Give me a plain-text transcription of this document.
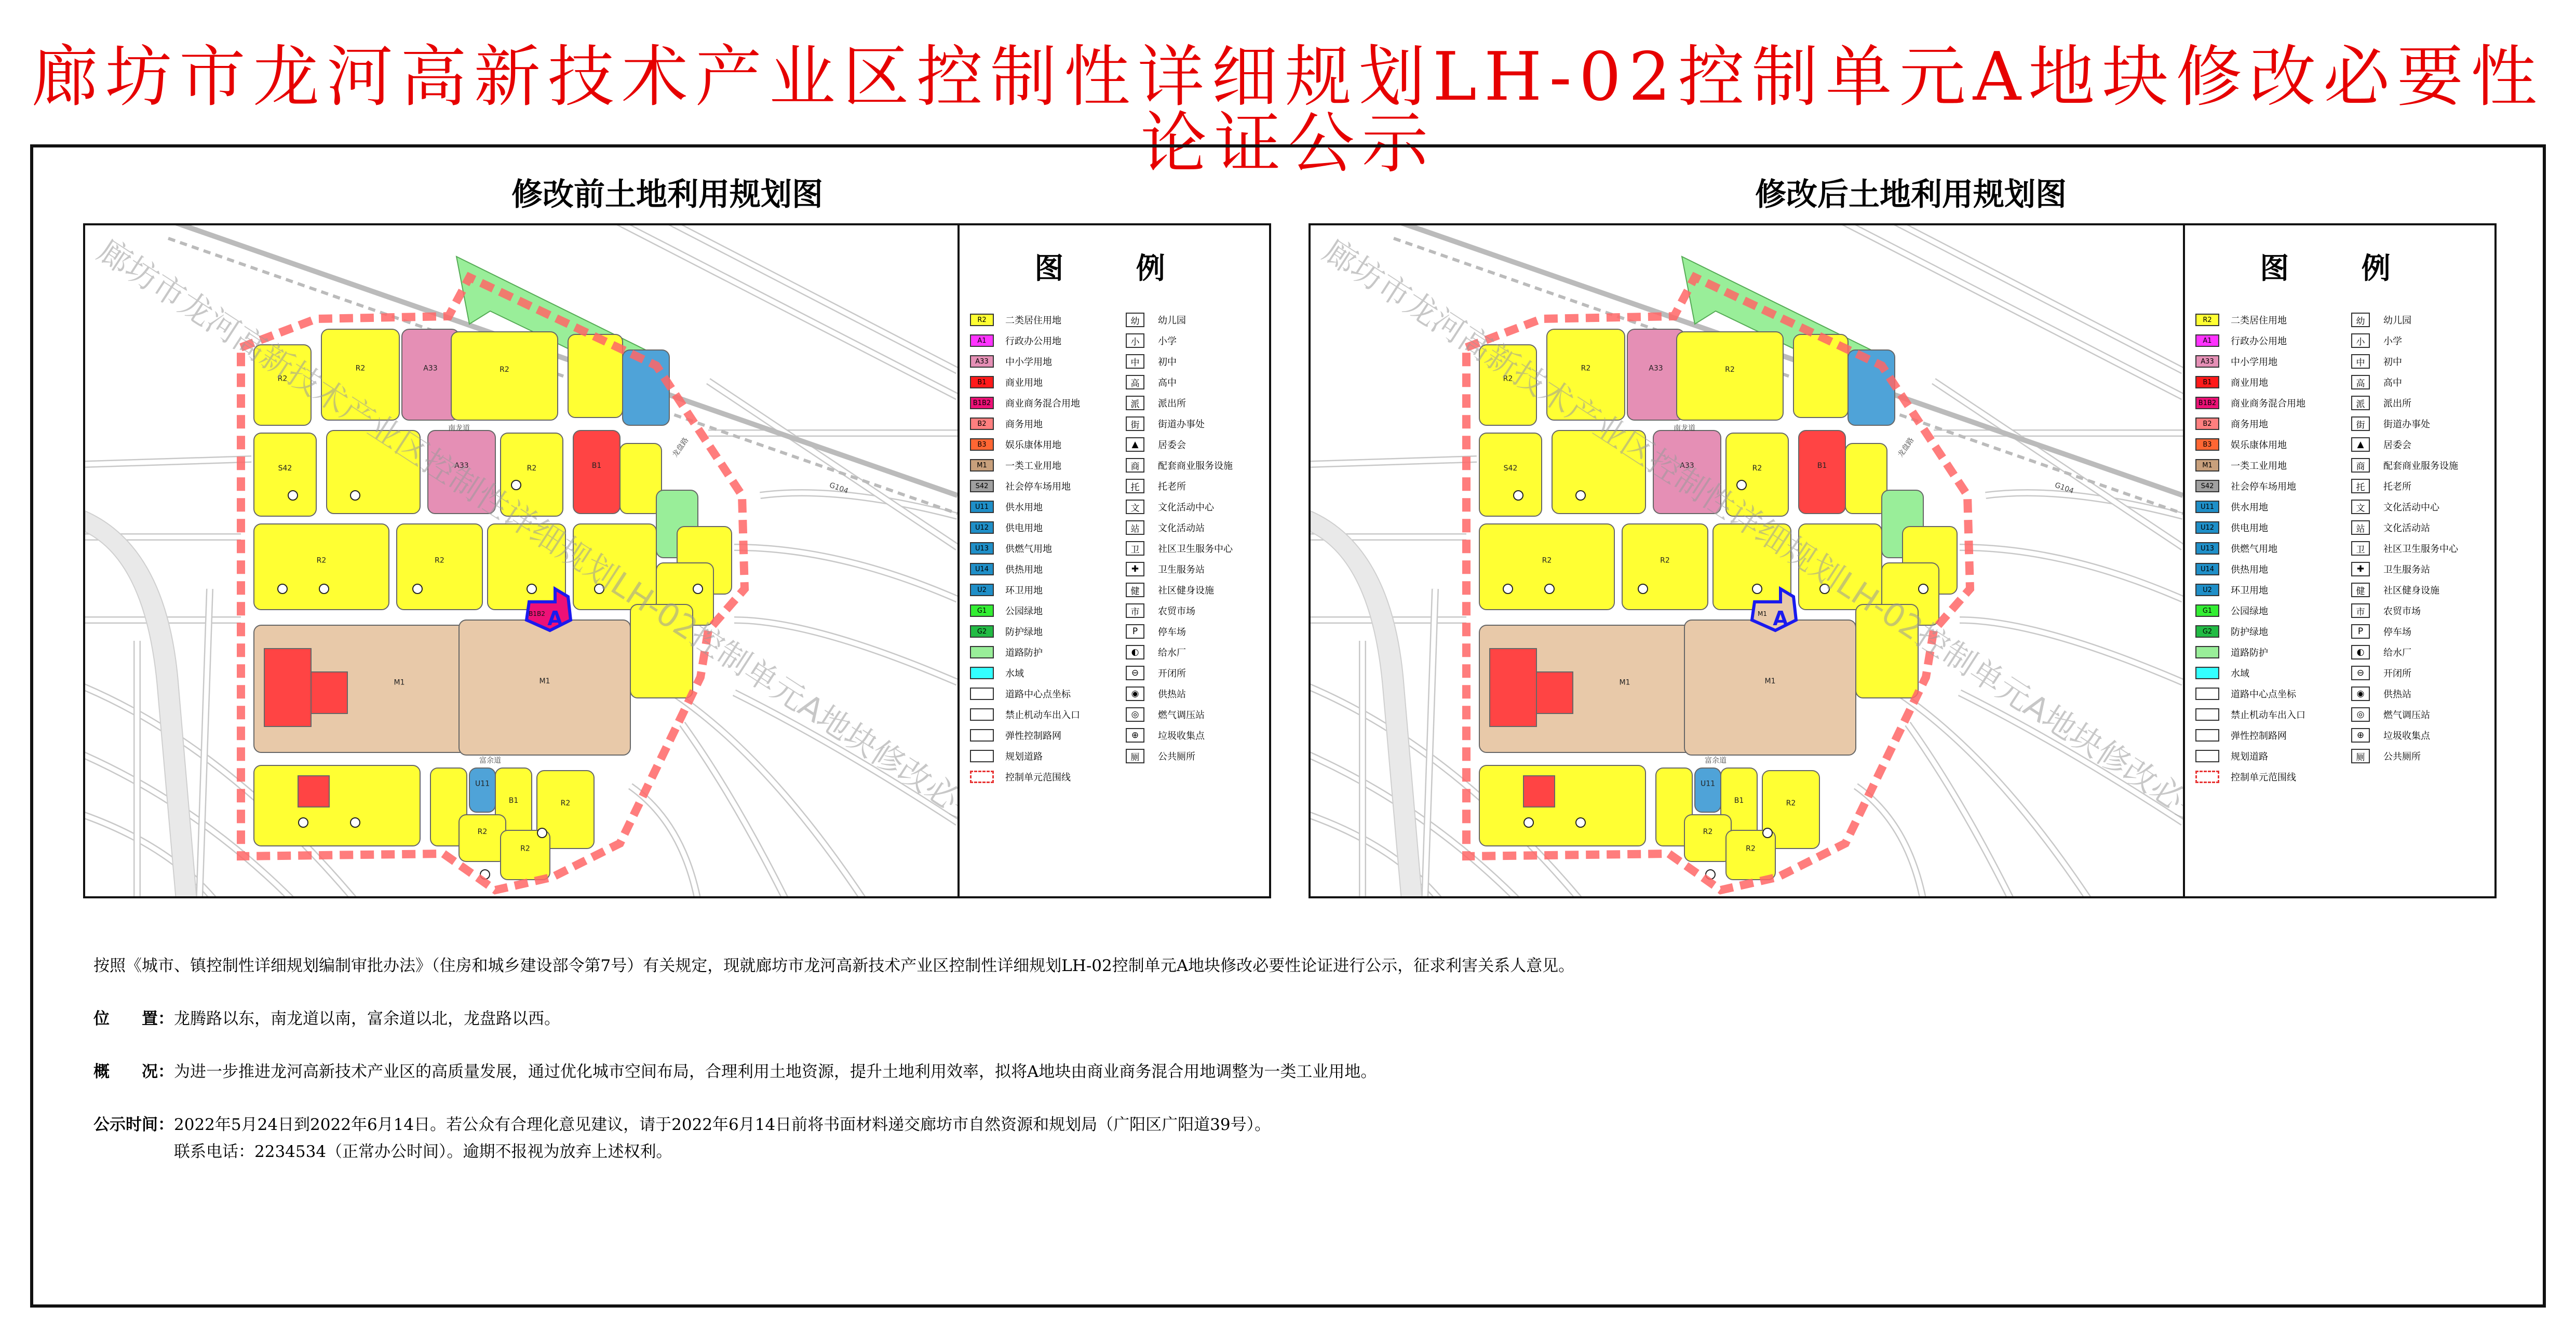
廊坊市龙河高新技术产业区控制性详细规划LH-02控制单元A地块修改必要性论证公示
修改前土地利用规划图	修改后土地利用规划图
R2
R2	A33	R2
S42	A33	R2	B1
R2	R2
M1	M1
U11
B1	R2
R2
R2
南龙道
富余道
龙盘路
G104
B1B2 A
图 例
R2	二类居住用地
A1	行政办公用地
A33	中小学用地
B1	商业用地
B1B2	商业商务混合用地
B2	商务用地
B3	娱乐康体用地
M1	一类工业用地
S42	社会停车场用地
U11	供水用地
U12	供电用地
U13	供燃气用地
U14	供热用地
U2	环卫用地
G1	公园绿地
G2	防护绿地
道路防护
水域
道路中心点坐标
禁止机动车出入口
弹性控制路网
规划道路
控制单元范围线
幼	幼儿园
小	小学
中	初中
高	高中
派	派出所
街	街道办事处
▲	居委会
商	配套商业服务设施
托	托老所
文	文化活动中心
站	文化活动站
卫	社区卫生服务中心
✚	卫生服务站
健	社区健身设施
市	农贸市场
P	停车场
◐	给水厂
⊖	开闭所
◉	供热站
◎	燃气调压站
⊕	垃圾收集点
厕	公共厕所
R2
R2	A33	R2
S42	A33	R2	B1
R2	R2
M1	M1
U11
B1	R2
R2
R2
南龙道
富余道
龙盘路
G104
M1 A
图 例
R2	二类居住用地
A1	行政办公用地
A33	中小学用地
B1	商业用地
B1B2	商业商务混合用地
B2	商务用地
B3	娱乐康体用地
M1	一类工业用地
S42	社会停车场用地
U11	供水用地
U12	供电用地
U13	供燃气用地
U14	供热用地
U2	环卫用地
G1	公园绿地
G2	防护绿地
道路防护
水域
道路中心点坐标
禁止机动车出入口
弹性控制路网
规划道路
控制单元范围线
幼	幼儿园
小	小学
中	初中
高	高中
派	派出所
街	街道办事处
▲	居委会
商	配套商业服务设施
托	托老所
文	文化活动中心
站	文化活动站
卫	社区卫生服务中心
✚	卫生服务站
健	社区健身设施
市	农贸市场
P	停车场
◐	给水厂
⊖	开闭所
◉	供热站
◎	燃气调压站
⊕	垃圾收集点
厕	公共厕所
按照《城市、镇控制性详细规划编制审批办法》（住房和城乡建设部令第7号）有关规定，现就廊坊市龙河高新技术产业区控制性详细规划LH-02控制单元A地块修改必要性论证进行公示，征求利害关系人意见。
位　　置：龙腾路以东，南龙道以南，富余道以北，龙盘路以西。
概　　况：为进一步推进龙河高新技术产业区的高质量发展，通过优化城市空间布局，合理利用土地资源，提升土地利用效率，拟将A地块由商业商务混合用地调整为一类工业用地。
公示时间：2022年5月24日到2022年6月14日。若公众有合理化意见建议，请于2022年6月14日前将书面材料递交廊坊市自然资源和规划局（广阳区广阳道39号）。
联系电话：2234534（正常办公时间）。逾期不报视为放弃上述权利。
